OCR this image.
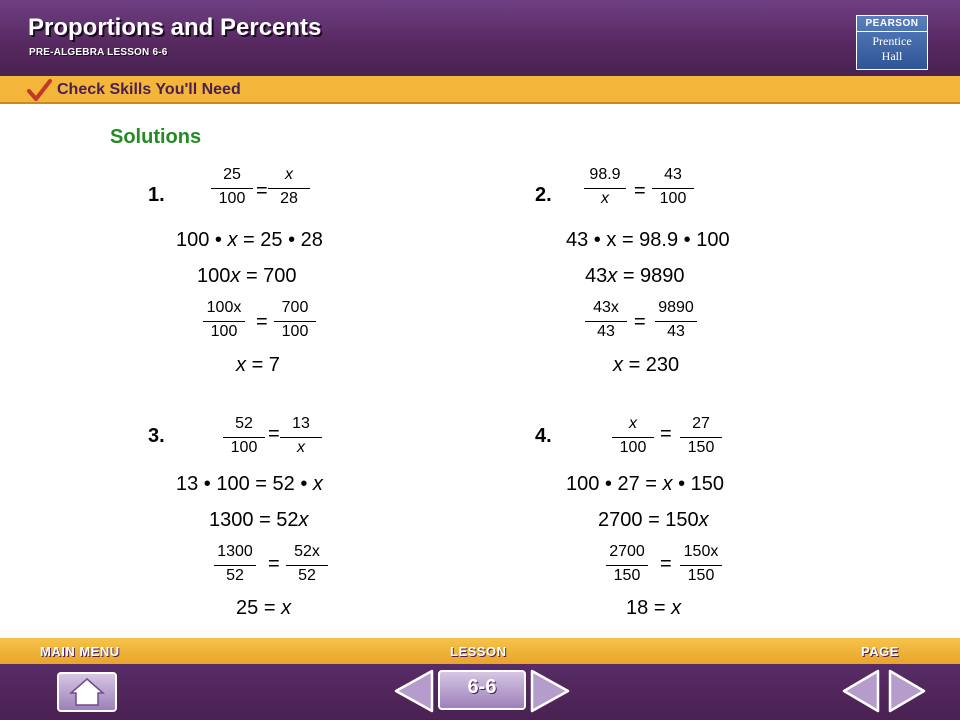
Proportions and Percents
PRE-ALGEBRA LESSON 6-6
PEARSON
Prentice
Hall
Check Skills You'll Need
Solutions
1.
25
100 =
x
28
100 • x = 25 • 28
100x = 700
100x
100 =
700
100
x = 7
2.
98.9
x	=
43
100
43 • x = 98.9 • 100
43x = 9890
43x
43 =
9890
43
x = 230
3.
52
100
= 13
x
13 • 100 = 52 • x
1300 = 52x
1300
52
=
52x
52
25 = x
4.
x
100
=	27
150
100 • 27 = x • 150
2700 = 150x
2700
150
=
150x
150
18 = x
MAIN MENU	LESSON	PAGE
6-6
